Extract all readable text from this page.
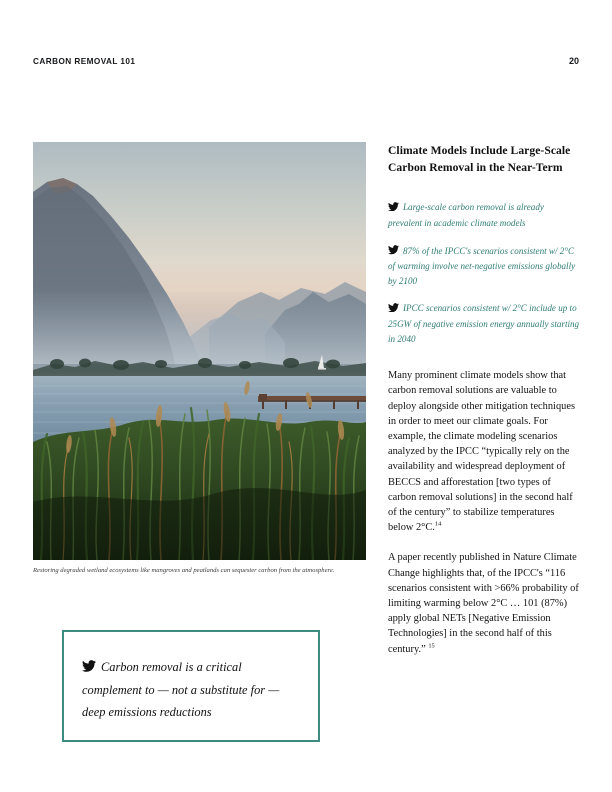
CARBON REMOVAL 101	20
Restoring degraded wetland ecosystems like mangroves and peatlands can sequester carbon from the atmosphere.
Carbon removal is a critical complement to — not a substitute for — deep emissions reductions
Climate Models Include Large-Scale Carbon Removal in the Near-Term
Large-scale carbon removal is already prevalent in academic climate models
87% of the IPCC's scenarios consistent w/ 2°C of warming involve net-negative emissions globally by 2100
IPCC scenarios consistent w/ 2°C include up to 25GW of negative emission energy annually starting in 2040

Many prominent climate models show that carbon removal solutions are valuable to deploy alongside other mitigation techniques in order to meet our climate goals. For example, the climate modeling scenarios analyzed by the IPCC “typically rely on the availability and widespread deployment of BECCS and afforestation [two types of carbon removal solutions] in the second half of the century” to stabilize temperatures below 2°C.$^{14}$

A paper recently published in Nature Climate Change highlights that, of the IPCC's “116 scenarios consistent with >66% probability of limiting warming below 2°C … 101 (87%) apply global NETs [Negative Emission Technologies] in the second half of this century.” $^{15}$
